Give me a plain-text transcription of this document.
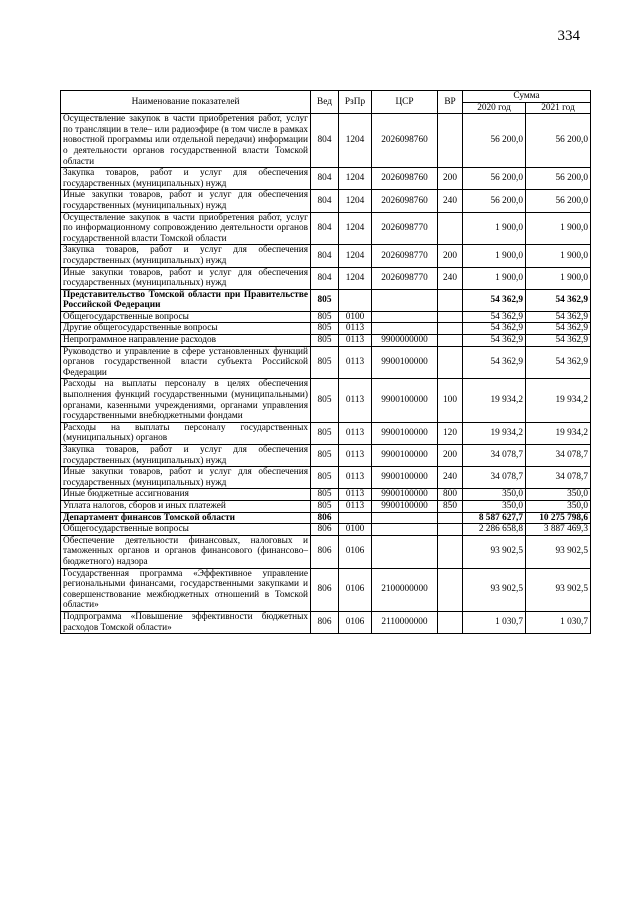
334
Наименование показателей	Вед	РзПр	ЦСР	ВР	Сумма	
					2020 год	2021 год
Осуществление закупок в части приобретения работ, услуг по трансляции в теле– или радиоэфире (в том числе в рамках новостной программы или отдельной передачи) информации о деятельности органов государственной власти Томской области	804	1204	2026098760		56 200,0	56 200,0
Закупка товаров, работ и услуг для обеспечения государственных (муниципальных) нужд	804	1204	2026098760	200	56 200,0	56 200,0
Иные закупки товаров, работ и услуг для обеспечения государственных (муниципальных) нужд	804	1204	2026098760	240	56 200,0	56 200,0
Осуществление закупок в части приобретения работ, услуг по информационному сопровождению деятельности органов государственной власти Томской области	804	1204	2026098770		1 900,0	1 900,0
Закупка товаров, работ и услуг для обеспечения государственных (муниципальных) нужд	804	1204	2026098770	200	1 900,0	1 900,0
Иные закупки товаров, работ и услуг для обеспечения государственных (муниципальных) нужд	804	1204	2026098770	240	1 900,0	1 900,0
Представительство Томской области при Правительстве Российской Федерации	805				54 362,9	54 362,9
Общегосударственные вопросы	805	0100			54 362,9	54 362,9
Другие общегосударственные вопросы	805	0113			54 362,9	54 362,9
Непрограммное направление расходов	805	0113	9900000000		54 362,9	54 362,9
Руководство и управление в сфере установленных функций органов государственной власти субъекта Российской Федерации	805	0113	9900100000		54 362,9	54 362,9
Расходы на выплаты персоналу в целях обеспечения выполнения функций государственными (муниципальными) органами, казенными учреждениями, органами управления государственными внебюджетными фондами	805	0113	9900100000	100	19 934,2	19 934,2
Расходы на выплаты персоналу государственных (муниципальных) органов	805	0113	9900100000	120	19 934,2	19 934,2
Закупка товаров, работ и услуг для обеспечения государственных (муниципальных) нужд	805	0113	9900100000	200	34 078,7	34 078,7
Иные закупки товаров, работ и услуг для обеспечения государственных (муниципальных) нужд	805	0113	9900100000	240	34 078,7	34 078,7
Иные бюджетные ассигнования	805	0113	9900100000	800	350,0	350,0
Уплата налогов, сборов и иных платежей	805	0113	9900100000	850	350,0	350,0
Департамент финансов Томской области	806				8 587 627,7	10 275 798,6
Общегосударственные вопросы	806	0100			2 286 658,8	3 887 469,3
Обеспечение деятельности финансовых, налоговых и таможенных органов и органов финансового (финансово–бюджетного) надзора	806	0106			93 902,5	93 902,5
Государственная программа «Эффективное управление региональными финансами, государственными закупками и совершенствование межбюджетных отношений в Томской области»	806	0106	2100000000		93 902,5	93 902,5
Подпрограмма «Повышение эффективности бюджетных расходов Томской области»	806	0106	2110000000		1 030,7	1 030,7
